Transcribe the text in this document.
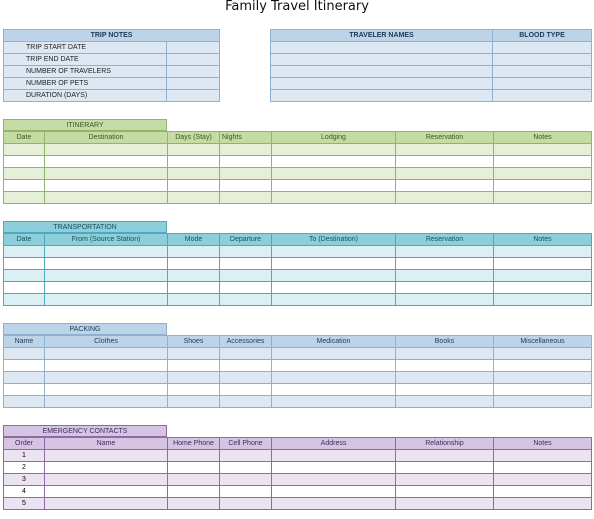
Family Travel Itinerary
TRIP NOTES	
TRIP START DATE	
TRIP END DATE	
NUMBER OF TRAVELERS	
NUMBER OF PETS	
DURATION (DAYS)	
TRAVELER NAMES	BLOOD TYPE

ITINERARY
Date	Destination	Days (Stay)	Nights	Lodging	Reservation	Notes

TRANSPORTATION
Date	From (Source Station)	Mode	Departure	To (Destination)	Reservation	Notes

PACKING
Name	Clothes	Shoes	Accessories	Medication	Books	Miscellaneous

EMERGENCY CONTACTS
Order	Name	Home Phone	Cell Phone	Address	Relationship	Notes
1						
2						
3						
4						
5						
